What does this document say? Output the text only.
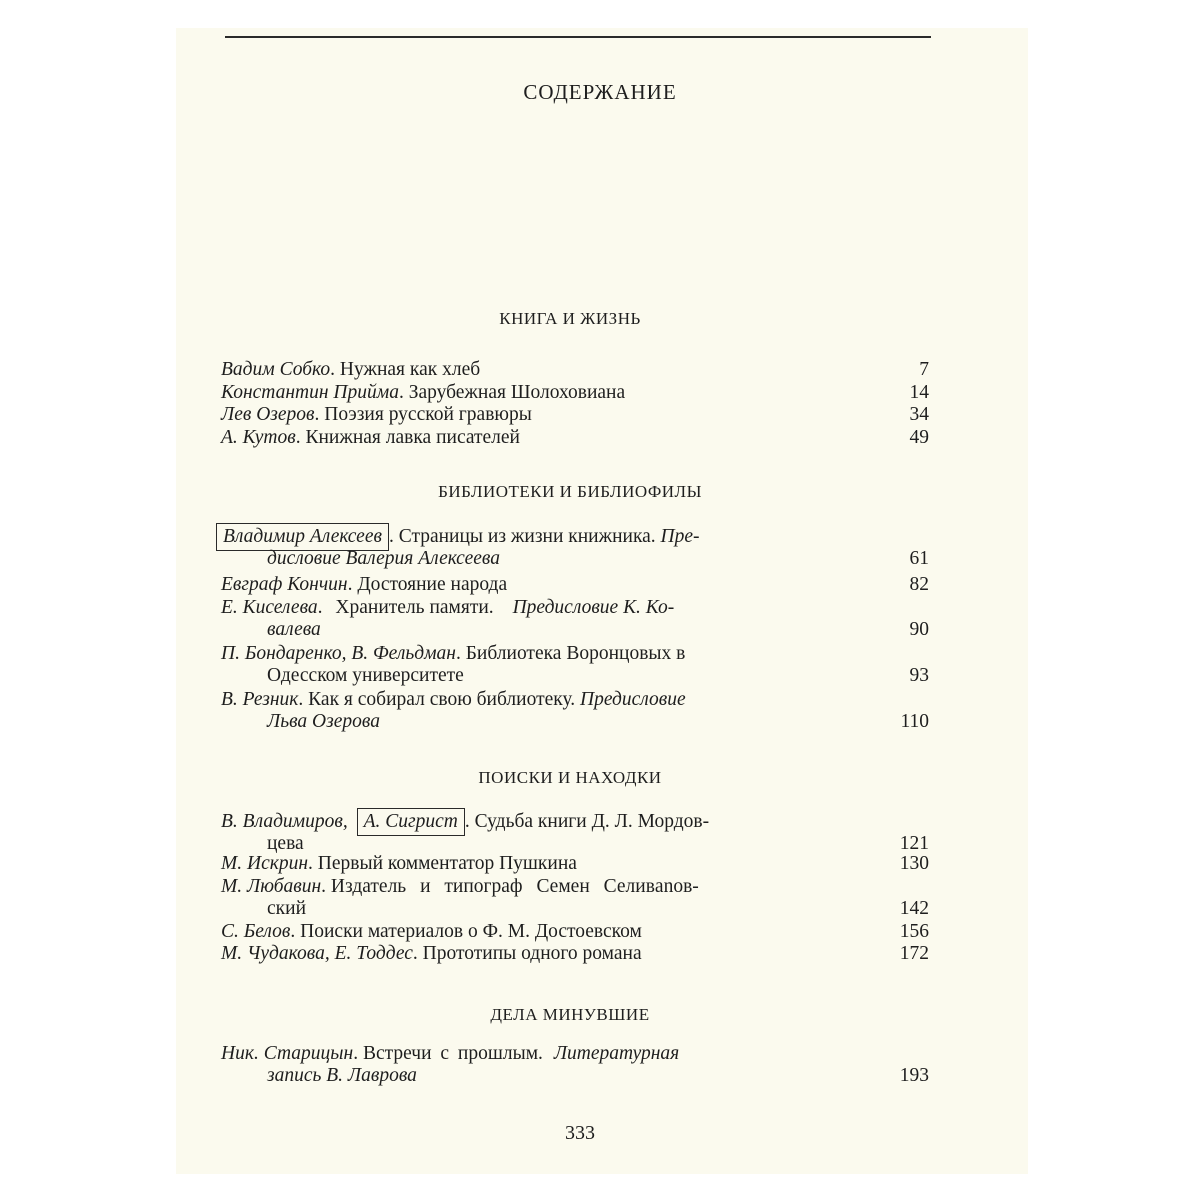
СОДЕРЖАНИЕ
КНИГА И ЖИЗНЬ
Вадим Собко. Нужная как хлеб	7
Константин Прийма. Зарубежная Шолоховиана	14
Лев Озеров. Поэзия русской гравюры	34
А. Кутов. Книжная лавка писателей	49
БИБЛИОТЕКИ И БИБЛИОФИЛЫ
Владимир Алексеев . Страницы из жизни книжника. Пре-
дисловие Валерия Алексеева	61
Евграф Кончин. Достояние народа	82
Е. Киселева. Хранитель памяти. Предисловие К. Ко-
валева	90
П. Бондаренко, В. Фельдман. Библиотека Воронцовых в
Одесском университете	93
В. Резник. Как я собирал свою библиотеку. Предисловие
Льва Озерова	110
ПОИСКИ И НАХОДКИ
В. Владимиров, А. Сигрист . Судьба книги Д. Л. Мордов-
цева	121
М. Искрин. Первый комментатор Пушкина	130
М. Любавин. Издатель и типограф Семен Селивanов-
ский	142
С. Белов. Поиски материалов о Ф. М. Достоевском	156
М. Чудакова, Е. Тоддес. Прототипы одного романа	172
ДЕЛА МИНУВШИЕ
Ник. Старицын. Встречи с прошлым. Литературная
запись В. Лаврова	193
333
